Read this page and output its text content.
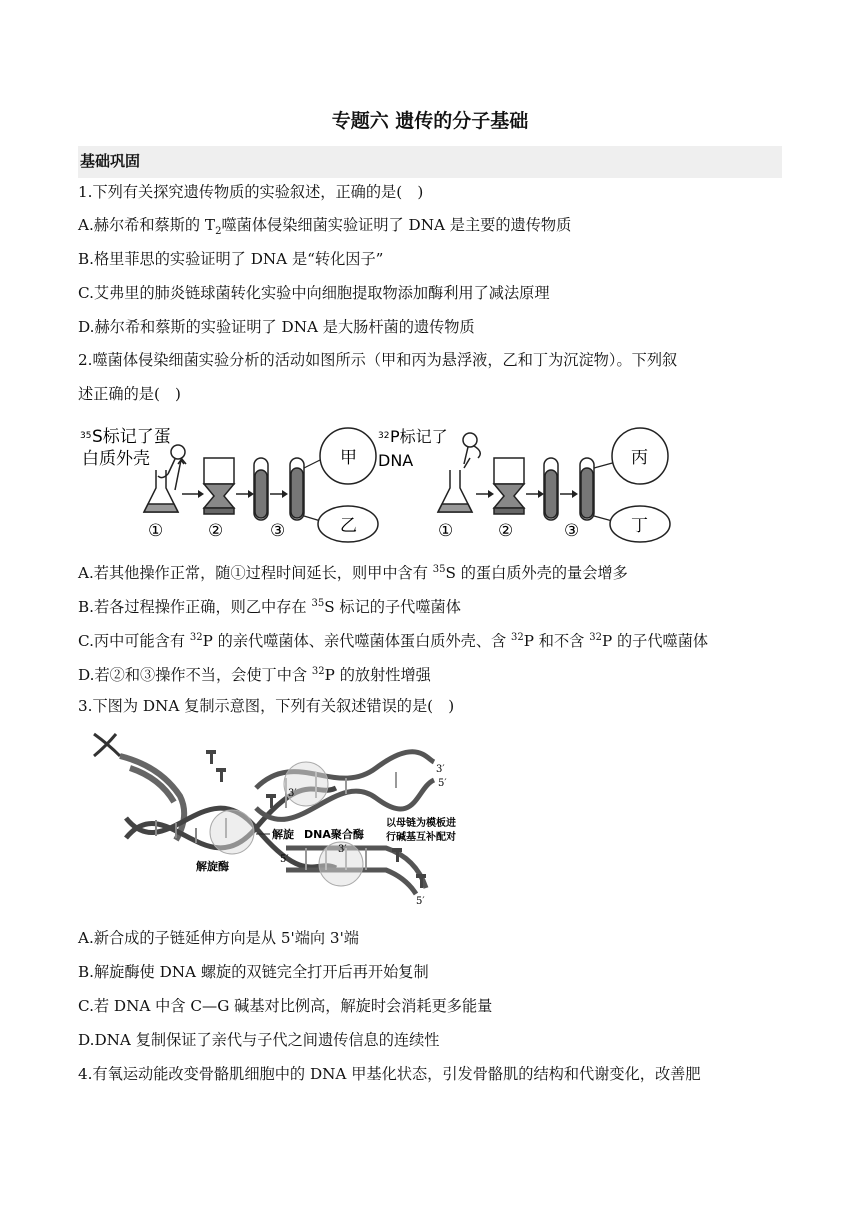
专题六 遗传的分子基础
基础巩固
1.下列有关探究遗传物质的实验叙述，正确的是(　)
A.赫尔希和蔡斯的 $T_2$噬菌体侵染细菌实验证明了 DNA 是主要的遗传物质
B.格里菲思的实验证明了 DNA 是“转化因子”
C.艾弗里的肺炎链球菌转化实验中向细胞提取物添加酶利用了减法原理
D.赫尔希和蔡斯的实验证明了 DNA 是大肠杆菌的遗传物质
2.噬菌体侵染细菌实验分析的活动如图所示（甲和丙为悬浮液，乙和丁为沉淀物）。下列叙
述正确的是(　)
35 S标记了蛋
白质外壳	甲
乙
①	②	③
32 P标记了
DNA	丙
丁
①	②	③
A.若其他操作正常，随①过程时间延长，则甲中含有 $^{35}$S 的蛋白质外壳的量会增多
B.若各过程操作正确，则乙中存在 $^{35}$S 标记的子代噬菌体
C.丙中可能含有 $^{32}$P 的亲代噬菌体、亲代噬菌体蛋白质外壳、含 $^{32}$P 和不含 $^{32}$P 的子代噬菌体
D.若②和③操作不当，会使丁中含 $^{32}$P 的放射性增强
3.下图为 DNA 复制示意图，下列有关叙述错误的是(　)
3′
5′
3′
5′
3′
5′
解旋 DNA聚合酶
以母链为模板进
行碱基互补配对
解旋酶
A.新合成的子链延伸方向是从 5'端向 3'端
B.解旋酶使 DNA 螺旋的双链完全打开后再开始复制
C.若 DNA 中含 C—G 碱基对比例高，解旋时会消耗更多能量
D.DNA 复制保证了亲代与子代之间遗传信息的连续性
4.有氧运动能改变骨骼肌细胞中的 DNA 甲基化状态，引发骨骼肌的结构和代谢变化，改善肥
